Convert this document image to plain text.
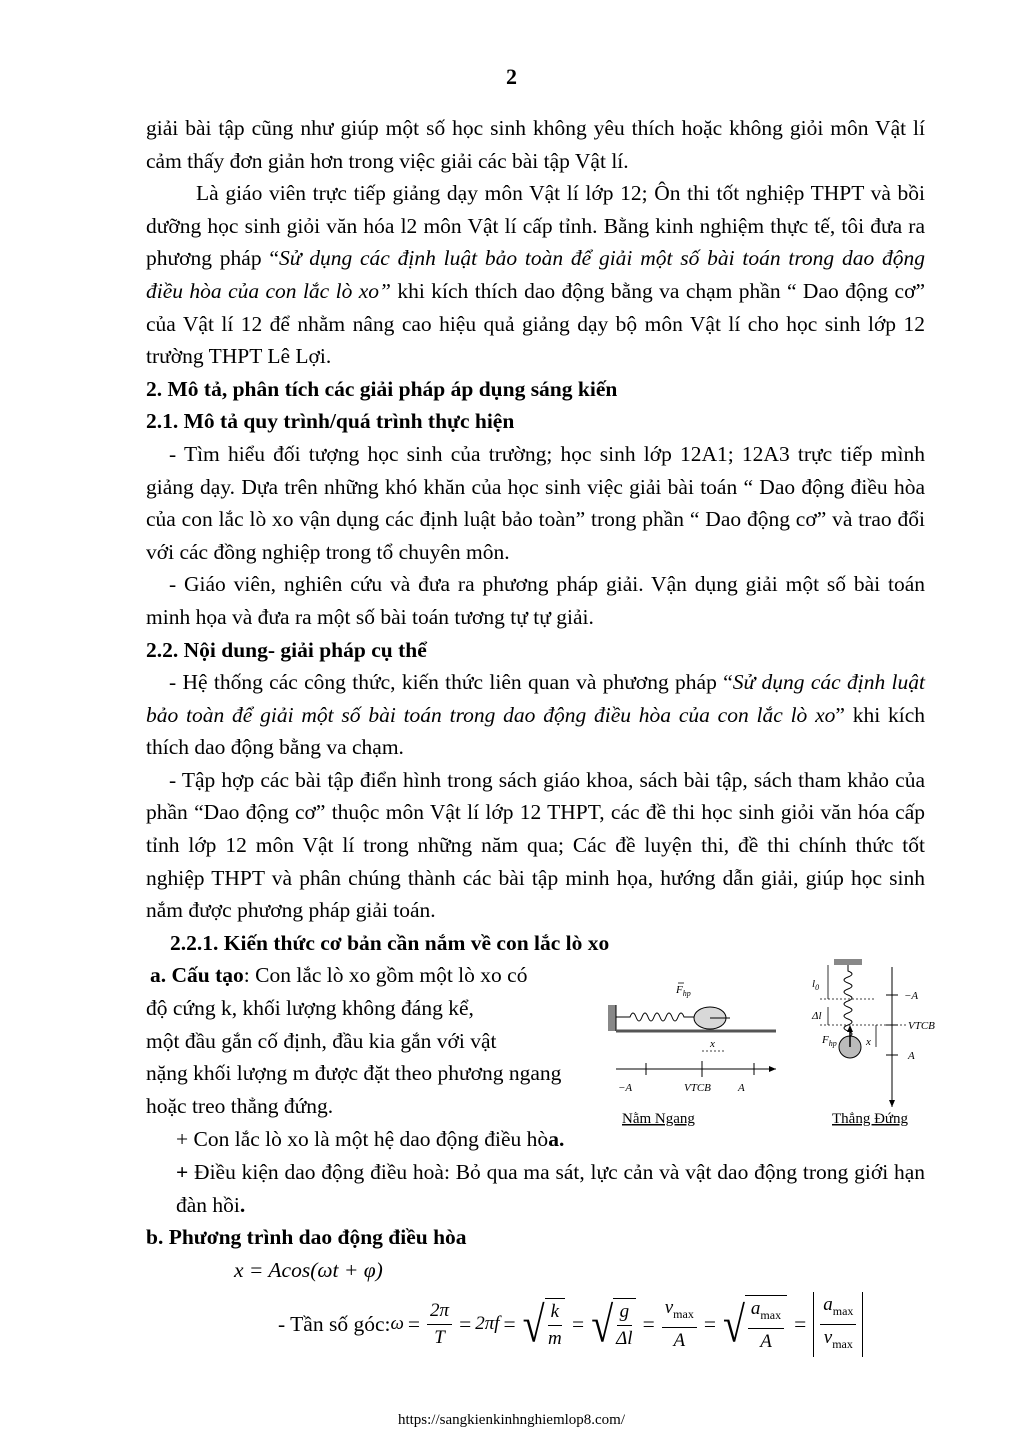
2

giải bài tập cũng như giúp một số học sinh không yêu thích hoặc không giỏi môn Vật lí cảm thấy đơn giản hơn trong việc giải các bài tập Vật lí.

Là giáo viên trực tiếp giảng dạy môn Vật lí lớp 12; Ôn thi tốt nghiệp THPT và bồi dưỡng học sinh giỏi văn hóa l2 môn Vật lí cấp tỉnh. Bằng kinh nghiệm thực tế, tôi đưa ra phương pháp “Sử dụng các định luật bảo toàn để giải một số bài toán trong dao động điều hòa của con lắc lò xo” khi kích thích dao động bằng va chạm phần “ Dao động cơ” của Vật lí 12 để nhằm nâng cao hiệu quả giảng dạy bộ môn Vật lí cho học sinh lớp 12 trường THPT Lê Lợi.

2. Mô tả, phân tích các giải pháp áp dụng sáng kiến

2.1. Mô tả quy trình/quá trình thực hiện

- Tìm hiểu đối tượng học sinh của trường; học sinh lớp 12A1; 12A3 trực tiếp mình giảng dạy. Dựa trên những khó khăn của học sinh việc giải bài toán “ Dao động điều hòa của con lắc lò xo vận dụng các định luật bảo toàn” trong phần “ Dao động cơ” và trao đổi với các đồng nghiệp trong tổ chuyên môn.

- Giáo viên, nghiên cứu và đưa ra phương pháp giải. Vận dụng giải một số bài toán minh họa và đưa ra một số bài toán tương tự tự giải.

2.2. Nội dung- giải pháp cụ thể

- Hệ thống các công thức, kiến thức liên quan và phương pháp “Sử dụng các định luật bảo toàn để giải một số bài toán trong dao động điều hòa của con lắc lò xo” khi kích thích dao động bằng va chạm.

- Tập hợp các bài tập điển hình trong sách giáo khoa, sách bài tập, sách tham khảo của phần “Dao động cơ” thuộc môn Vật lí lớp 12 THPT, các đề thi học sinh giỏi văn hóa cấp tỉnh lớp 12 môn Vật lí trong những năm qua; Các đề luyện thi, đề thi chính thức tốt nghiệp THPT và phân chúng thành các bài tập minh họa, hướng dẫn giải, giúp học sinh nắm được phương pháp giải toán.

2.2.1. Kiến thức cơ bản cần nắm về con lắc lò xo

a. Cấu tạo: Con lắc lò xo gồm một lò xo có

độ cứng k, khối lượng không đáng kể,

một đầu gắn cố định, đầu kia gắn với vật

nặng khối lượng m được đặt theo phương ngang

hoặc treo thẳng đứng.

$F_{hp}$
x
−A	VTCB A
Nằm Ngang
$l_0$
Δl
$F_{hp}$	x
−A
VTCB
A
Thẳng Đứng

+ Con lắc lò xo là một hệ dao động điều hòa.

+ Điều kiện dao động điều hoà: Bỏ qua ma sát, lực cản và vật dao động trong giới hạn đàn hồi.

b. Phương trình dao động điều hòa

x = Acos(ωt + φ)

- Tần số góc: $\omega = \frac{2\pi}{T} = 2\pi f$ = √ $\frac{k}{m}$ = √ $\frac{g}{\Delta l} = \frac{v_{max}}{A}$ = √ $\frac{a_{max}}{A} = \frac{a_{max}}{v_{max}}$
https://sangkienkinhnghiemlop8.com/
